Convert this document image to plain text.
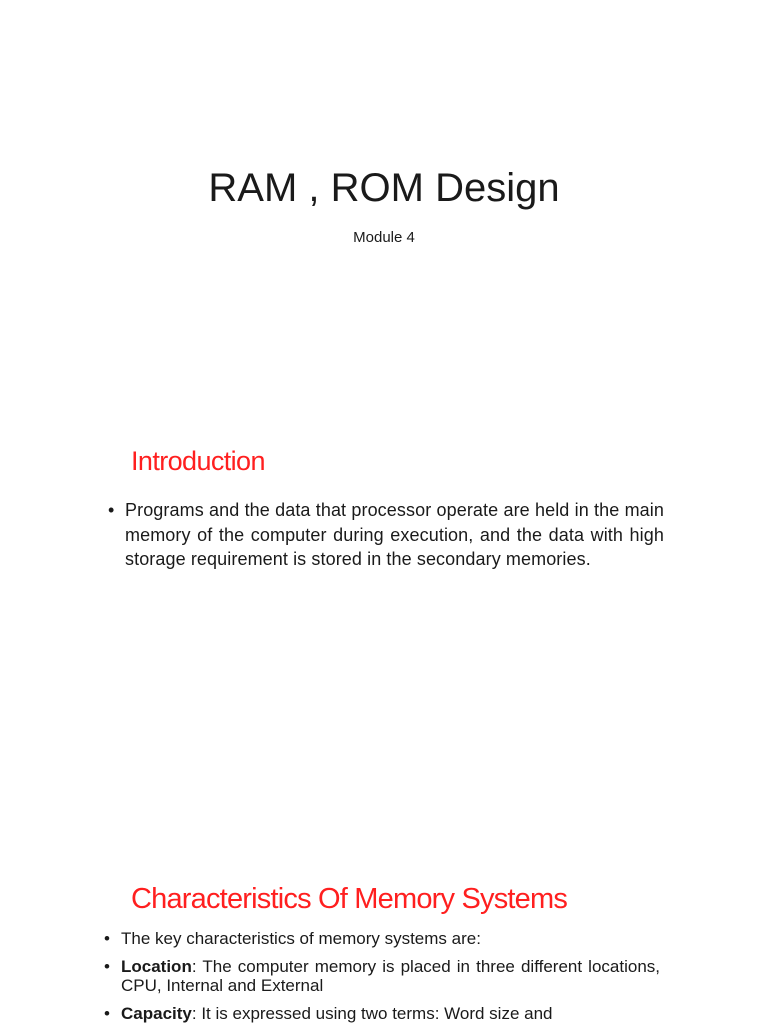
RAM , ROM Design

Module 4

Introduction
• Programs and the data that processor operate are held in the main memory of the computer during execution, and the data with high storage requirement is stored in the secondary memories.
Characteristics Of Memory Systems
• The key characteristics of memory systems are:
• Location: The computer memory is placed in three different locations, CPU, Internal and External
• Capacity: It is expressed using two terms: Word size and
